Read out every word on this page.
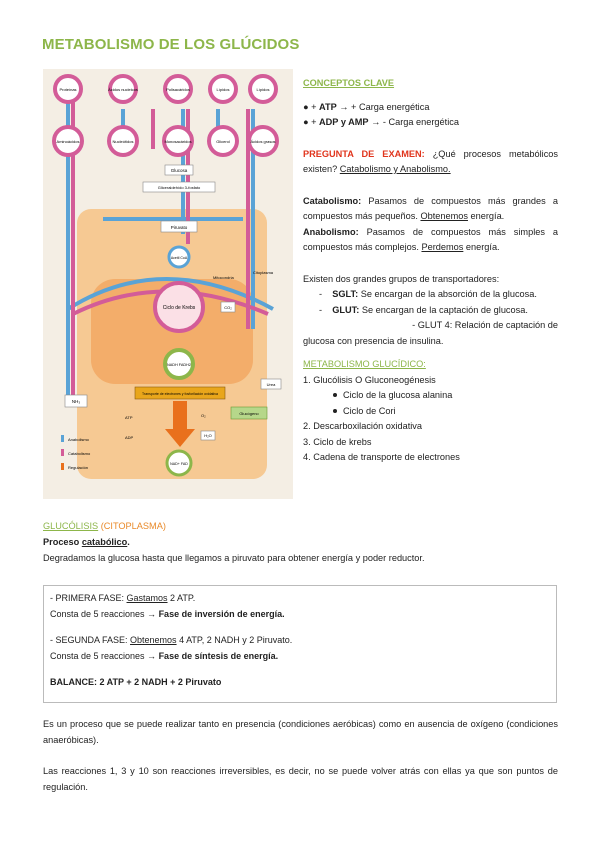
METABOLISMO DE LOS GLÚCIDOS
Proteínas	Ácidos nucleicos	Polisacáridos	Lípidos	Lípidos
Aminoácidos	Nucleótidos	Monosacáridos	Glicerol	Ácidos grasos
Glucosa
Gliceraldehído 3-fosfato
Piruvato
Acetil CoA
Mitocondria
Ciclo de Krebs	CO₂
NADH FADH2
Transporte de electrones y fosforilación oxidativa
ATP
ADP
O₂
H₂O
NAD+ FAD
NH₃
Urea
Glucógeno
Citoplasma
Anabolismo
Catabolismo
Regulación

CONCEPTOS CLAVE

● + ATP → + Carga energética

● + ADP y AMP → - Carga energética

PREGUNTA DE EXAMEN: ¿Qué procesos metabólicos existen? Catabolismo y Anabolismo.

Catabolismo: Pasamos de compuestos más grandes a compuestos más pequeños. Obtenemos energía.

Anabolismo: Pasamos de compuestos más simples a compuestos más complejos. Perdemos energía.

Existen dos grandes grupos de transportadores:

-    SGLT: Se encargan de la absorción de la glucosa.

-    GLUT: Se encargan de la captación de glucosa.

- GLUT 4: Relación de captación de

glucosa con presencia de insulina.

METABOLISMO GLUCÍDICO:

1. Glucólisis O Gluconeogénesis

Ciclo de la glucosa alanina

Ciclo de Cori

2. Descarboxilación oxidativa

3. Ciclo de krebs

4. Cadena de transporte de electrones

GLUCÓLISIS (CITOPLASMA)
Proceso catabólico.
Degradamos la glucosa hasta que llegamos a piruvato para obtener energía y poder reductor.

- PRIMERA FASE: Gastamos 2 ATP.

Consta de 5 reacciones → Fase de inversión de energía.

- SEGUNDA FASE: Obtenemos 4 ATP, 2 NADH y 2 Piruvato.

Consta de 5 reacciones → Fase de síntesis de energía.

BALANCE: 2 ATP + 2 NADH + 2 Piruvato

Es un proceso que se puede realizar tanto en presencia (condiciones aeróbicas) como en ausencia de oxígeno (condiciones anaeróbicas).
Las reacciones 1, 3 y 10 son reacciones irreversibles, es decir, no se puede volver atrás con ellas ya que son puntos de regulación.
